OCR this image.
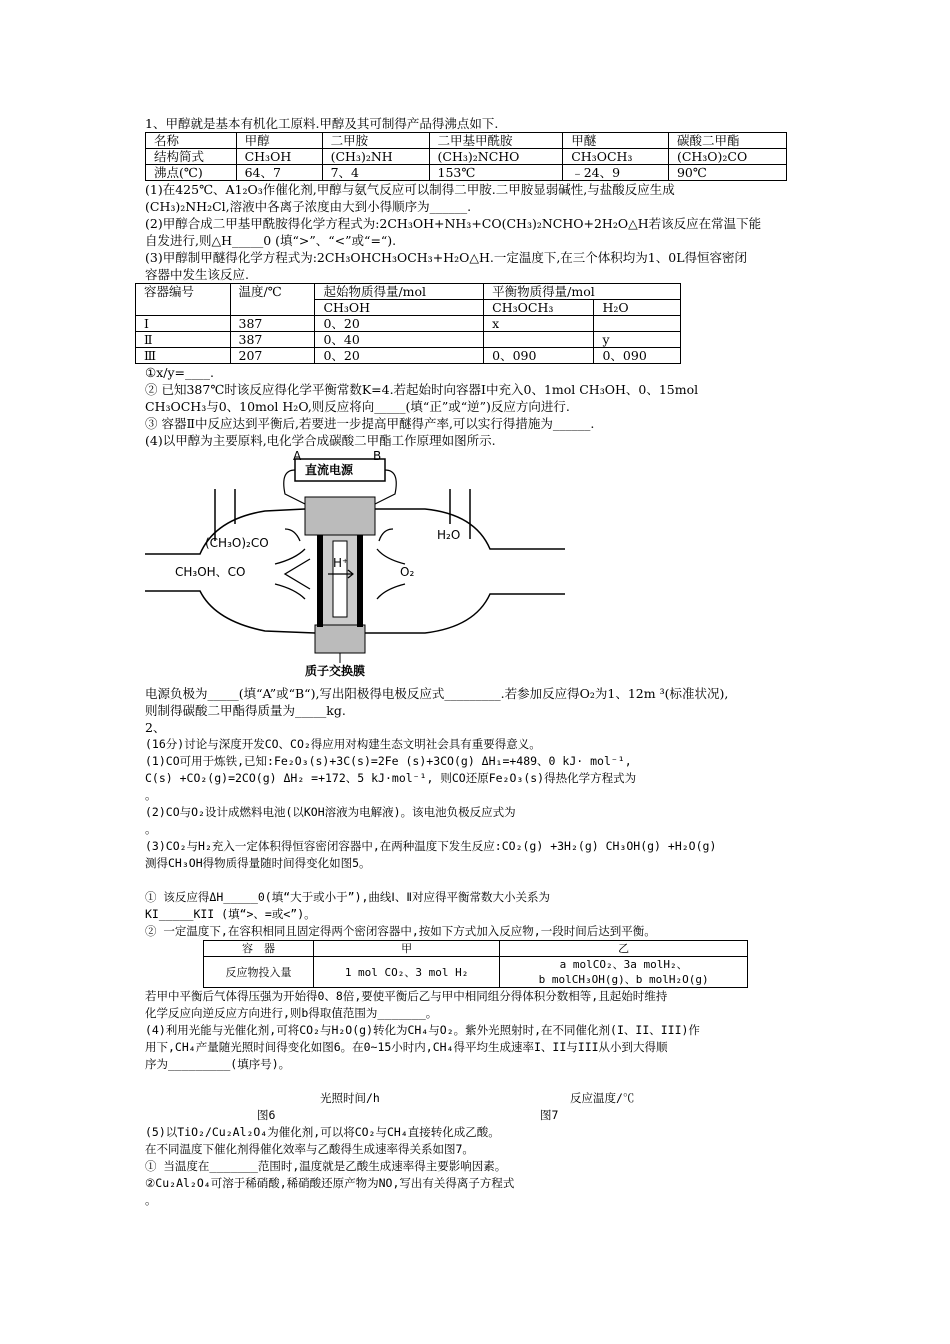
1、甲醇就是基本有机化工原料.甲醇及其可制得产品得沸点如下.
名称	甲醇	二甲胺	二甲基甲酰胺	甲醚	碳酸二甲酯
结构简式	CH₃OH	(CH₃)₂NH	(CH₃)₂NCHO	CH₃OCH₃	(CH₃O)₂CO
沸点(℃)	64、7	7、4	153℃	﹣24、9	90℃
(1)在425℃、A1₂O₃作催化剂,甲醇与氨气反应可以制得二甲胺.二甲胺显弱碱性,与盐酸反应生成
(CH₃)₂NH₂Cl,溶液中各离子浓度由大到小得顺序为______.
(2)甲醇合成二甲基甲酰胺得化学方程式为:2CH₃OH+NH₃+CO(CH₃)₂NCHO+2H₂O△H若该反应在常温下能
自发进行,则△H_____0 (填“>”、“<”或“=“).
(3)甲醇制甲醚得化学方程式为:2CH₃OHCH₃OCH₃+H₂O△H.一定温度下,在三个体积均为1、0L得恒容密闭
容器中发生该反应.
容器编号	温度/℃	起始物质得量/mol	平衡物质得量/mol	
		CH₃OH	CH₃OCH₃	H₂O
Ⅰ	387	0、20	x	
Ⅱ	387	0、40		y
Ⅲ	207	0、20	0、090	0、090
①x/y=____.
② 已知387℃时该反应得化学平衡常数K=4.若起始时向容器I中充入0、1mol CH₃OH、0、15mol
CH₃OCH₃与0、10mol H₂O,则反应将向_____(填“正”或“逆”)反应方向进行.
③ 容器Ⅱ中反应达到平衡后,若要进一步提高甲醚得产率,可以实行得措施为______.
(4)以甲醇为主要原料,电化学合成碳酸二甲酯工作原理如图所示.
A	B
直流电源
(CH₃O)₂CO
H₂O
CH₃OH、CO
H⁺
O₂
质子交换膜
电源负极为_____(填“A”或“B“),写出阳极得电极反应式_________.若参加反应得O₂为1、12m ³(标准状况),
则制得碳酸二甲酯得质量为_____kg.
2、
(16分)讨论与深度开发CO、CO₂得应用对构建生态文明社会具有重要得意义。
(1)CO可用于炼铁,已知:Fe₂O₃(s)+3C(s)=2Fe (s)+3CO(g) ΔH₁=+489、0 kJ· mol⁻¹,
C(s) +CO₂(g)=2CO(g) ΔH₂ =+172、5 kJ·mol⁻¹, 则CO还原Fe₂O₃(s)得热化学方程式为
。
(2)CO与O₂设计成燃料电池(以KOH溶液为电解液)。该电池负极反应式为
。
(3)CO₂与H₂充入一定体积得恒容密闭容器中,在两种温度下发生反应:CO₂(g) +3H₂(g) CH₃OH(g) +H₂O(g)
测得CH₃OH得物质得量随时间得变化如图5。
① 该反应得ΔH_____0(填“大于或小于”),曲线Ⅰ、Ⅱ对应得平衡常数大小关系为
KI_____KII (填“>、=或<”)。
② 一定温度下,在容积相同且固定得两个密闭容器中,按如下方式加入反应物,一段时间后达到平衡。
容　器	甲	乙
反应物投入量	1 mol CO₂、3 mol H₂	a molCO₂、3a molH₂、
b molCH₃OH(g)、b molH₂O(g)
若甲中平衡后气体得压强为开始得0、8倍,要使平衡后乙与甲中相同组分得体积分数相等,且起始时维持
化学反应向逆反应方向进行,则b得取值范围为_______。
(4)利用光能与光催化剂,可将CO₂与H₂O(g)转化为CH₄与O₂。紫外光照射时,在不同催化剂(I、II、III)作
用下,CH₄产量随光照时间得变化如图6。在0~15小时内,CH₄得平均生成速率I、II与III从小到大得顺
序为_________(填序号)。
光照时间/h	反应温度/℃
图6	图7
(5)以TiO₂/Cu₂Al₂O₄为催化剂,可以将CO₂与CH₄直接转化成乙酸。
在不同温度下催化剂得催化效率与乙酸得生成速率得关系如图7。
① 当温度在_______范围时,温度就是乙酸生成速率得主要影响因素。
②Cu₂Al₂O₄可溶于稀硝酸,稀硝酸还原产物为NO,写出有关得离子方程式
。
